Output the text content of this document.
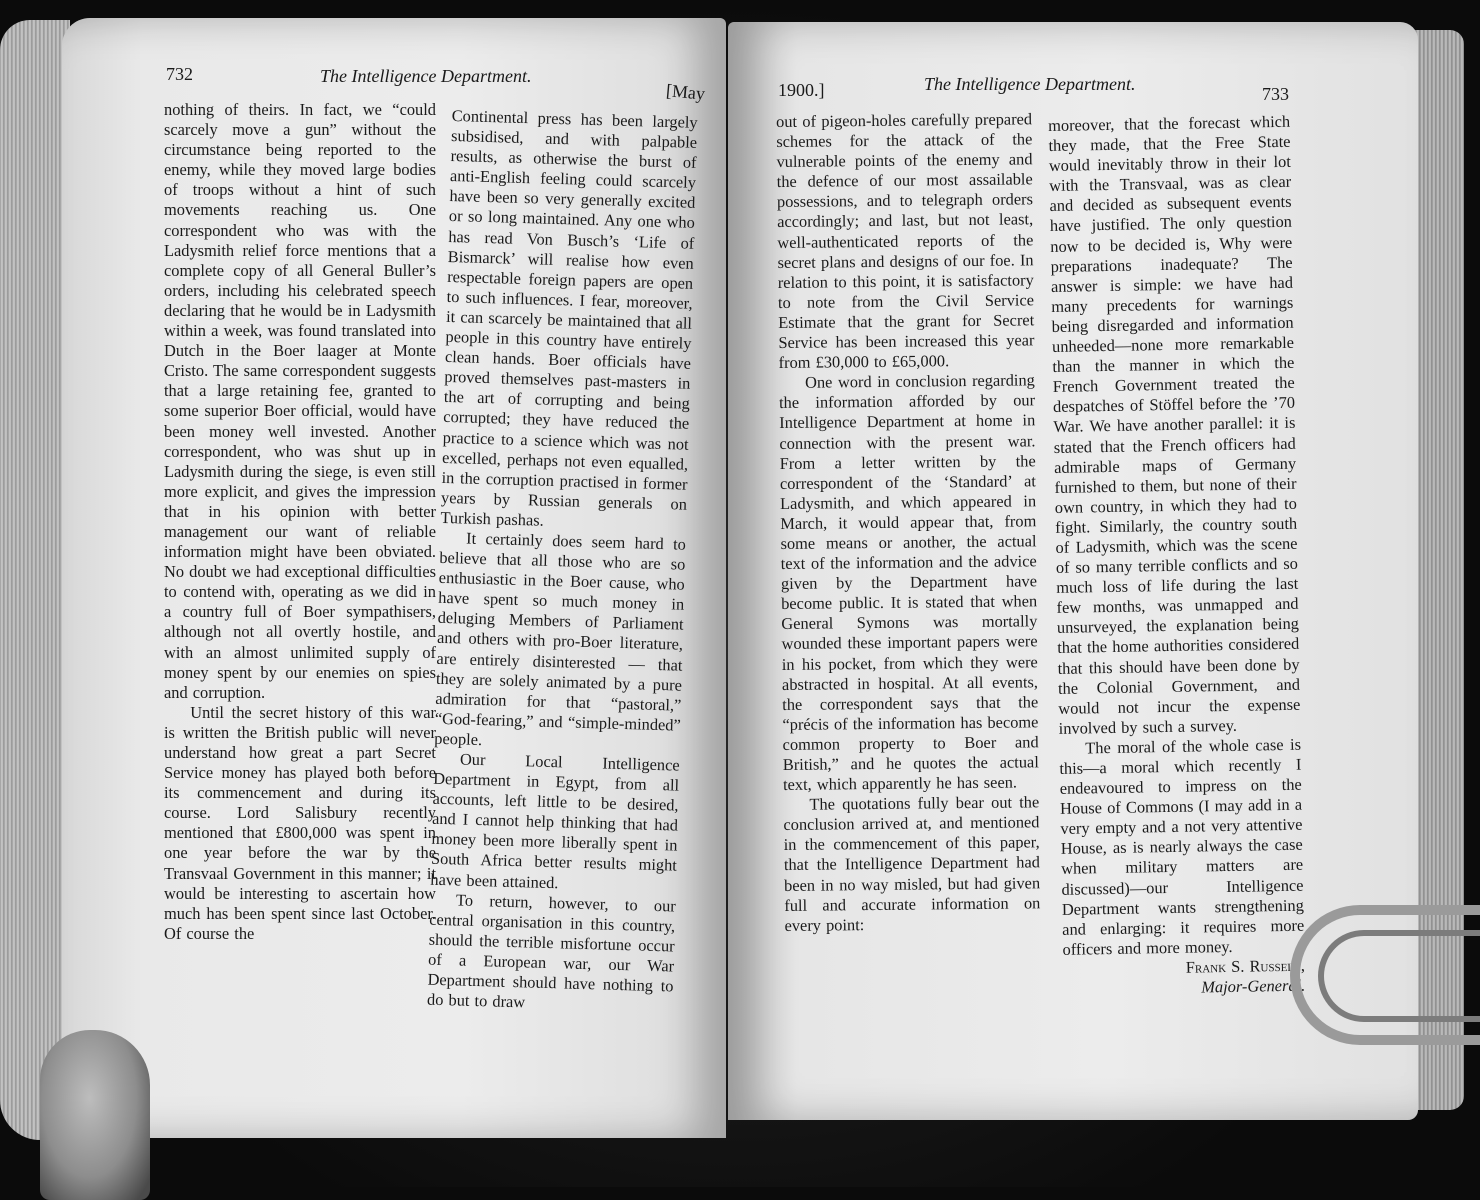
732	The Intelligence Department.
[May

nothing of theirs. In fact, we “could scarcely move a gun” without the circumstance being reported to the enemy, while they moved large bodies of troops without a hint of such movements reaching us. One correspondent who was with the Ladysmith relief force mentions that a complete copy of all General Buller’s orders, including his celebrated speech declaring that he would be in Ladysmith within a week, was found translated into Dutch in the Boer laager at Monte Cristo. The same correspondent suggests that a large retaining fee, granted to some superior Boer official, would have been money well invested. Another correspondent, who was shut up in Ladysmith during the siege, is even still more explicit, and gives the impression that in his opinion with better management our want of reliable information might have been obviated. No doubt we had exceptional difficulties to contend with, operating as we did in a country full of Boer sympathisers, although not all overtly hostile, and with an almost unlimited supply of money spent by our enemies on spies and corruption.

Until the secret history of this war is written the British public will never understand how great a part Secret Service money has played both before its commencement and during its course. Lord Salisbury recently mentioned that £800,000 was spent in one year before the war by the Transvaal Government in this manner; it would be interesting to ascertain how much has been spent since last October. Of course the

Continental press has been largely subsidised, and with palpable results, as otherwise the burst of anti-English feeling could scarcely have been so very generally excited or so long maintained. Any one who has read Von Busch’s ‘Life of Bismarck’ will realise how even respectable foreign papers are open to such influences. I fear, moreover, it can scarcely be maintained that all people in this country have entirely clean hands. Boer officials have proved themselves past-masters in the art of corrupting and being corrupted; they have reduced the practice to a science which was not excelled, perhaps not even equalled, in the corruption practised in former years by Russian generals on Turkish pashas.

It certainly does seem hard to believe that all those who are so enthusiastic in the Boer cause, who have spent so much money in deluging Members of Parliament and others with pro-Boer literature, are entirely disinterested — that they are solely animated by a pure admiration for that “pastoral,” “God-fearing,” and “simple-minded” people.

Our Local Intelligence Department in Egypt, from all accounts, left little to be desired, and I cannot help thinking that had money been more liberally spent in South Africa better results might have been attained.

To return, however, to our central organisation in this country, should the terrible misfortune occur of a European war, our War Department should have nothing to do but to draw

1900.]	The Intelligence Department.	733

out of pigeon-holes carefully prepared schemes for the attack of the vulnerable points of the enemy and the defence of our most assailable possessions, and to telegraph orders accordingly; and last, but not least, well-authenticated reports of the secret plans and designs of our foe. In relation to this point, it is satisfactory to note from the Civil Service Estimate that the grant for Secret Service has been increased this year from £30,000 to £65,000.

One word in conclusion regarding the information afforded by our Intelligence Department at home in connection with the present war. From a letter written by the correspondent of the ‘Standard’ at Ladysmith, and which appeared in March, it would appear that, from some means or another, the actual text of the information and the advice given by the Department have become public. It is stated that when General Symons was mortally wounded these important papers were in his pocket, from which they were abstracted in hospital. At all events, the correspondent says that the “précis of the information has become common property to Boer and British,” and he quotes the actual text, which apparently he has seen.

The quotations fully bear out the conclusion arrived at, and mentioned in the commencement of this paper, that the Intelligence Department had been in no way misled, but had given full and accurate information on every point:

moreover, that the forecast which they made, that the Free State would inevitably throw in their lot with the Transvaal, was as clear and decided as subsequent events have justified. The only question now to be decided is, Why were preparations inadequate? The answer is simple: we have had many precedents for warnings being disregarded and information unheeded—none more remarkable than the manner in which the French Government treated the despatches of Stöffel before the ’70 War. We have another parallel: it is stated that the French officers had admirable maps of Germany furnished to them, but none of their own country, in which they had to fight. Similarly, the country south of Ladysmith, which was the scene of so many terrible conflicts and so much loss of life during the last few months, was unmapped and unsurveyed, the explanation being that the home authorities considered that this should have been done by the Colonial Government, and would not incur the expense involved by such a survey.

The moral of the whole case is this—a moral which recently I endeavoured to impress on the House of Commons (I may add in a very empty and a not very attentive House, as is nearly always the case when military matters are discussed)—our Intelligence Department wants strengthening and enlarging: it requires more officers and more money.

Frank S. Russell,

Major-General.
